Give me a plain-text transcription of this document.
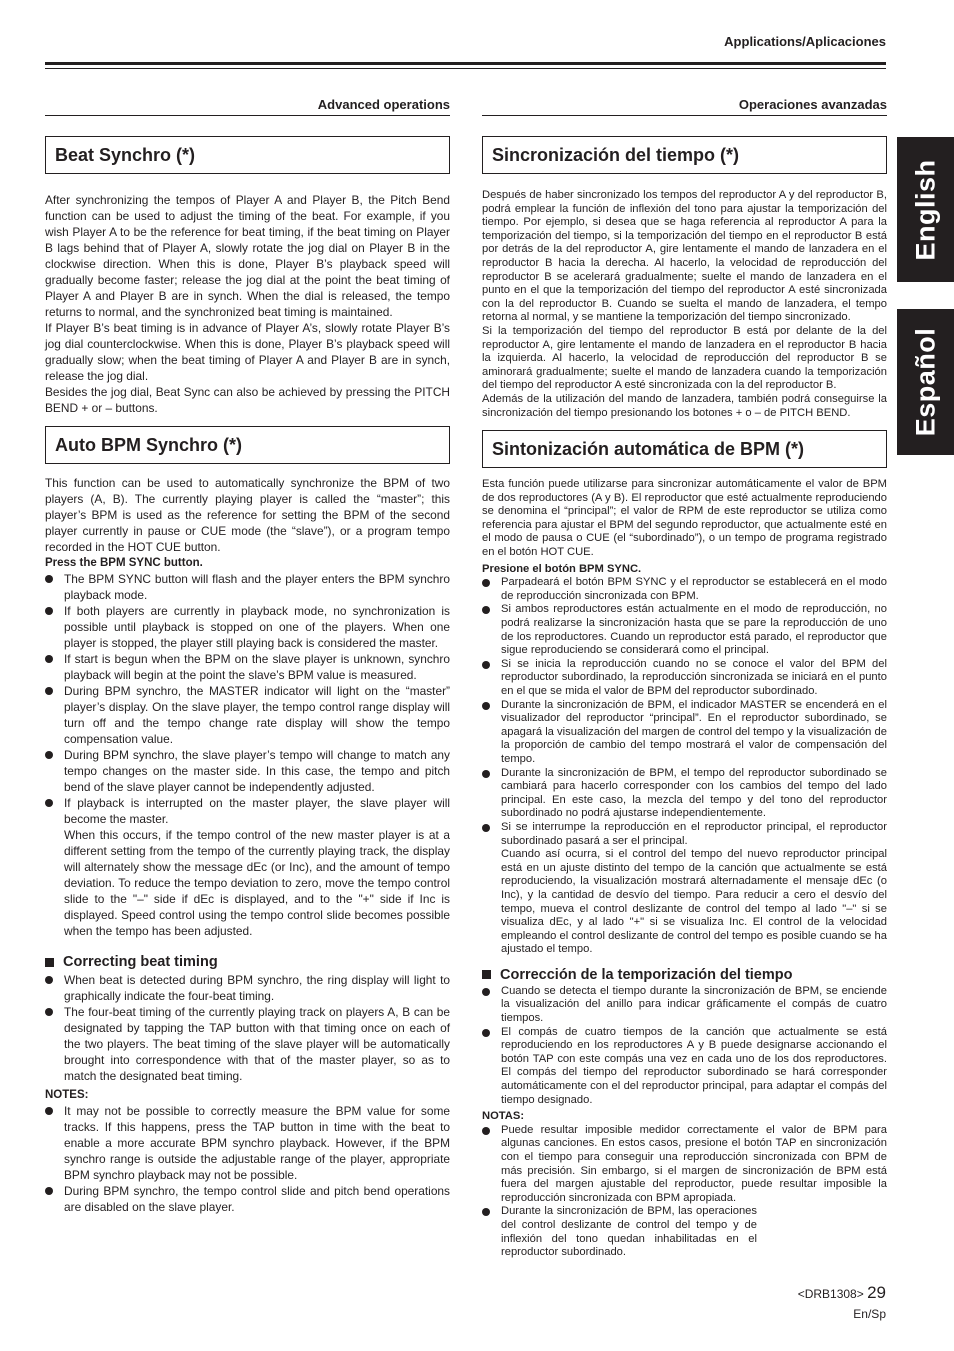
Applications/Aplicaciones
English
Español
Advanced operations
Beat Synchro (*)

After synchronizing the tempos of Player A and Player B, the Pitch Bend function can be used to adjust the timing of the beat. For example, if you wish Player A to be the reference for beat timing, if the beat timing on Player B lags behind that of Player A, slowly rotate the jog dial on Player B in the clockwise direction. When this is done, Player B’s playback speed will gradually become faster; release the jog dial at the point the beat timing of Player A and Player B are in synch. When the dial is released, the tempo returns to normal, and the synchronized beat timing is maintained.

If Player B’s beat timing is in advance of Player A’s, slowly rotate Player B’s jog dial counterclockwise. When this is done, Player B’s playback speed will gradually slow; when the beat timing of Player A and Player B are in synch, release the jog dial.

Besides the jog dial, Beat Sync can also be achieved by pressing the PITCH BEND + or – buttons.

Auto BPM Synchro (*)

This function can be used to automatically synchronize the BPM of two players (A, B). The currently playing player is called the “master”; this player’s BPM is used as the reference for setting the BPM of the second player currently in pause or CUE mode (the “slave”), or a program tempo recorded in the HOT CUE button.

Press the BPM SYNC button.

The BPM SYNC button will flash and the player enters the BPM synchro playback mode.
If both players are currently in playback mode, no synchronization is possible until playback is stopped on one of the players. When one player is stopped, the player still playing back is considered the master.
If start is begun when the BPM on the slave player is unknown, synchro playback will begin at the point the slave’s BPM value is measured.
During BPM synchro, the MASTER indicator will light on the “master” player’s display. On the slave player, the tempo control range display will turn off and the tempo change rate display will show the tempo compensation value.
During BPM synchro, the slave player’s tempo will change to match any tempo changes on the master side. In this case, the tempo and pitch bend of the slave player cannot be independently adjusted.
If playback is interrupted on the master player, the slave player will become the master.
When this occurs, if the tempo control of the new master player is at a different setting from the tempo of the currently playing track, the display will alternately show the message dEc (or Inc), and the amount of tempo deviation. To reduce the tempo deviation to zero, move the tempo control slide to the "–" side if dEc is displayed, and to the "+" side if Inc is displayed. Speed control using the tempo control slide becomes possible when the tempo has been adjusted.
Correcting beat timing
When beat is detected during BPM synchro, the ring display will light to graphically indicate the four-beat timing.
The four-beat timing of the currently playing track on players A, B can be designated by tapping the TAP button with that timing once on each of the two players. The beat timing of the slave player will be automatically brought into correspondence with that of the master player, so as to match the designated beat timing.

NOTES:

It may not be possible to correctly measure the BPM value for some tracks. If this happens, press the TAP button in time with the beat to enable a more accurate BPM synchro playback. However, if the BPM synchro range is outside the adjustable range of the player, appropriate BPM synchro playback may not be possible.
During BPM synchro, the tempo control slide and pitch bend operations are disabled on the slave player.
Operaciones avanzadas
Sincronización del tiempo (*)

Después de haber sincronizado los tempos del reproductor A y del reproductor B, podrá emplear la función de inflexión del tono para ajustar la temporización del tiempo. Por ejemplo, si desea que se haga referencia al reproductor A para la temporización del tiempo, si la temporización del tiempo en el reproductor B está por detrás de la del reproductor A, gire lentamente el mando de lanzadera en el reproductor B hacia la derecha. Al hacerlo, la velocidad de reproducción del reproductor B se acelerará gradualmente; suelte el mando de lanzadera en el punto en el que la temporización del tiempo del reproductor A esté sincronizada con la del reproductor B. Cuando se suelta el mando de lanzadera, el tempo retorna al normal, y se mantiene la temporización del tiempo sincronizado.

Si la temporización del tiempo del reproductor B está por delante de la del reproductor A, gire lentamente el mando de lanzadera en el reproductor B hacia la izquierda. Al hacerlo, la velocidad de reproducción del reproductor B se aminorará gradualmente; suelte el mando de lanzadera cuando la temporización del tiempo del reproductor A esté sincronizada con la del reproductor B.

Además de la utilización del mando de lanzadera, también podrá conseguirse la sincronización del tiempo presionando los botones + o – de PITCH BEND.

Sintonización automática de BPM (*)

Esta función puede utilizarse para sincronizar automáticamente el valor de BPM de dos reproductores (A y B). El reproductor que esté actualmente reproduciendo se denomina el “principal”; el valor de RPM de este reproductor se utiliza como referencia para ajustar el BPM del segundo reproductor, que actualmente esté en el modo de pausa o CUE (el “subordinado”), o un tempo de programa registrado en el botón HOT CUE.

Presione el botón BPM SYNC.

Parpadeará el botón BPM SYNC y el reproductor se establecerá en el modo de reproducción sincronizada con BPM.
Si ambos reproductores están actualmente en el modo de reproducción, no podrá realizarse la sincronización hasta que se pare la reproducción de uno de los reproductores. Cuando un reproductor está parado, el reproductor que sigue reproduciendo se considerará como el principal.
Si se inicia la reproducción cuando no se conoce el valor del BPM del reproductor subordinado, la reproducción sincronizada se iniciará en el punto en el que se mida el valor de BPM del reproductor subordinado.
Durante la sincronización de BPM, el indicador MASTER se encenderá en el visualizador del reproductor “principal”. En el reproductor subordinado, se apagará la visualización del margen de control del tempo y la visualización de la proporción de cambio del tempo mostrará el valor de compensación del tempo.
Durante la sincronización de BPM, el tempo del reproductor subordinado se cambiará para hacerlo corresponder con los cambios del tempo del lado principal. En este caso, la mezcla del tempo y del tono del reproductor subordinado no podrá ajustarse independientemente.
Si se interrumpe la reproducción en el reproductor principal, el reproductor subordinado pasará a ser el principal.
Cuando así ocurra, si el control del tempo del nuevo reproductor principal está en un ajuste distinto del tempo de la canción que actualmente se está reproduciendo, la visualización mostrará alternadamente el mensaje dEc (o Inc), y la cantidad de desvío del tiempo. Para reducir a cero el desvío del tempo, mueva el control deslizante de control del tempo al lado "–" si se visualiza dEc, y al lado "+" si se visualiza Inc. El control de la velocidad empleando el control deslizante de control del tempo es posible cuando se ha ajustado el tempo.
Corrección de la temporización del tiempo
Cuando se detecta el tiempo durante la sincronización de BPM, se enciende la visualización del anillo para indicar gráficamente el compás de cuatro tiempos.
El compás de cuatro tiempos de la canción que actualmente se está reproduciendo en los reproductores A y B puede designarse accionando el botón TAP con este compás una vez en cada uno de los dos reproductores. El compás del tiempo del reproductor subordinado se hará corresponder automáticamente con el del reproductor principal, para adaptar el compás del tiempo designado.

NOTAS:

Puede resultar imposible medidor correctamente el valor de BPM para algunas canciones. En estos casos, presione el botón TAP en sincronización con el tiempo para conseguir una reproducción sincronizada con BPM de más precisión. Sin embargo, si el margen de sincronización de BPM está fuera del margen ajustable del reproductor, puede resultar imposible la reproducción sincronizada con BPM apropiada.
Durante la sincronización de BPM, las operaciones del control deslizante de control del tempo y de inflexión del tono quedan inhabilitadas en el reproductor subordinado.
<DRB1308> 29
En/Sp
